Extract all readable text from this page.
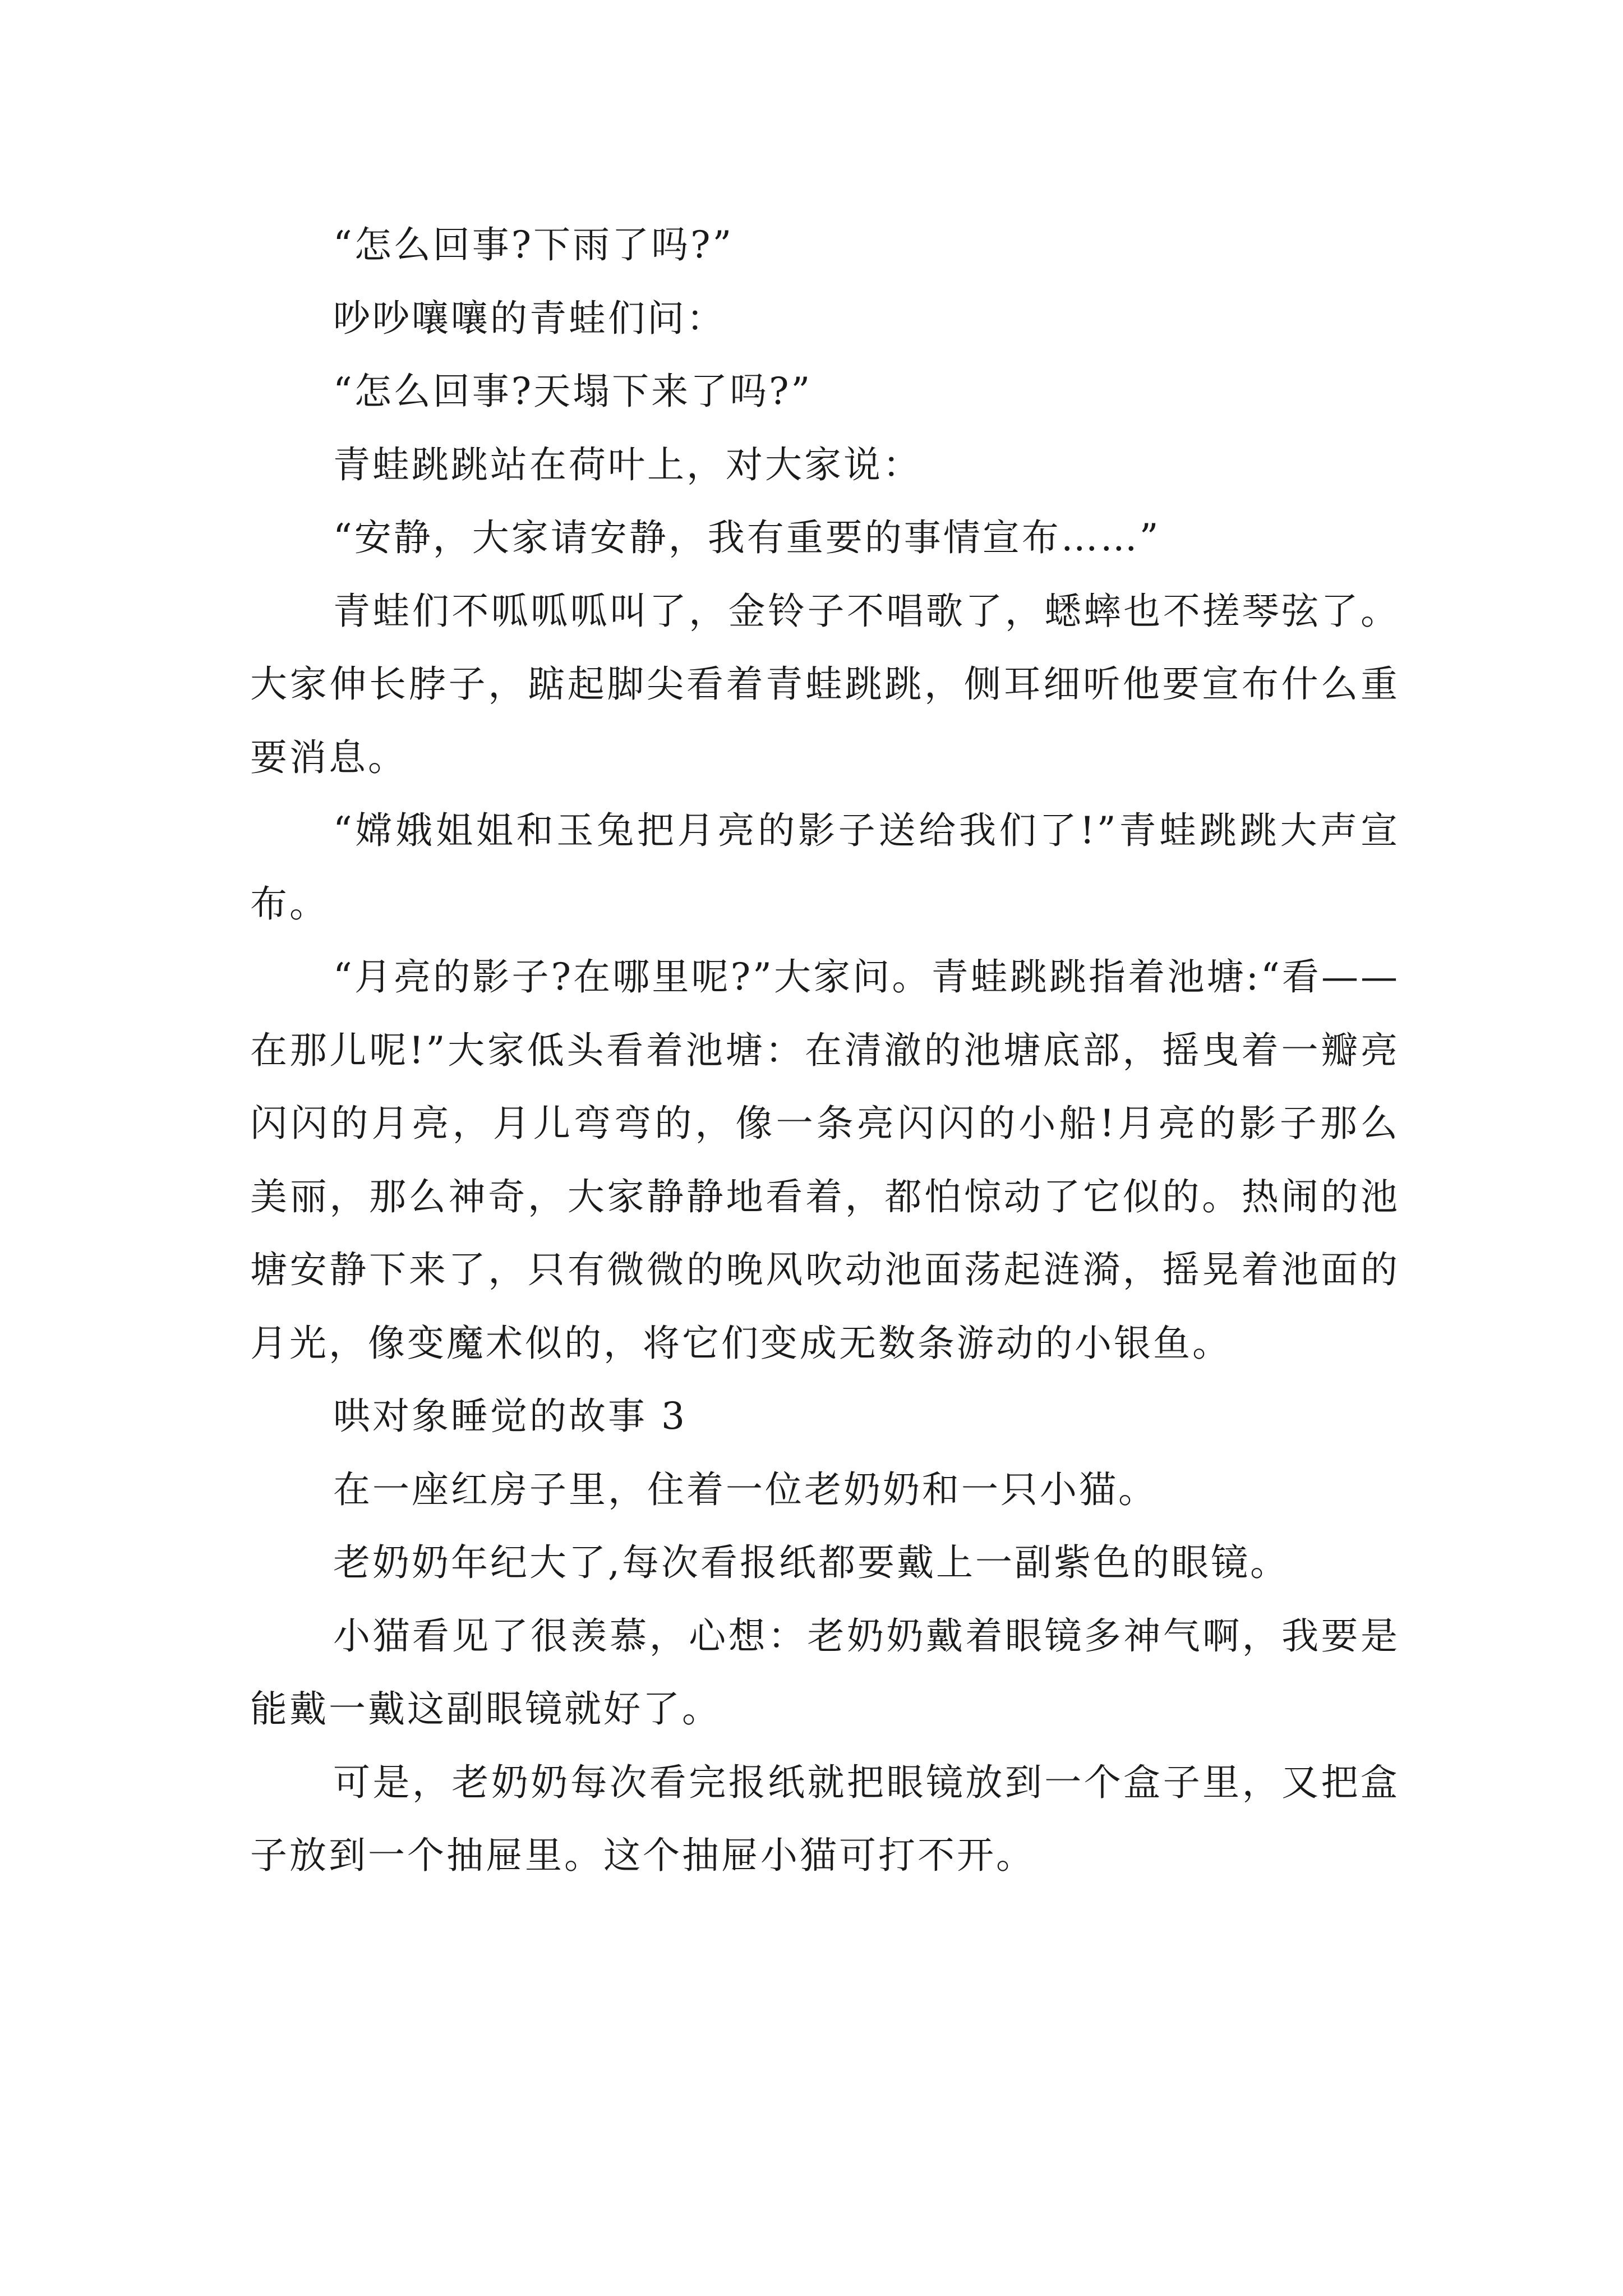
“怎么回事?下雨了吗?”

吵吵嚷嚷的青蛙们问：

“怎么回事?天塌下来了吗?”

青蛙跳跳站在荷叶上，对大家说：

“安静，大家请安静，我有重要的事情宣布……”

青蛙们不呱呱呱叫了，金铃子不唱歌了，蟋蟀也不搓琴弦了。大家伸长脖子，踮起脚尖看着青蛙跳跳，侧耳细听他要宣布什么重要消息。

“嫦娥姐姐和玉兔把月亮的影子送给我们了!”青蛙跳跳大声宣布。

“月亮的影子?在哪里呢?”大家问。青蛙跳跳指着池塘:“看——在那儿呢!”大家低头看着池塘：在清澈的池塘底部，摇曳着一瓣亮闪闪的月亮，月儿弯弯的，像一条亮闪闪的小船!月亮的影子那么美丽，那么神奇，大家静静地看着，都怕惊动了它似的。热闹的池塘安静下来了，只有微微的晚风吹动池面荡起涟漪，摇晃着池面的月光，像变魔术似的，将它们变成无数条游动的小银鱼。

哄对象睡觉的故事 3

在一座红房子里，住着一位老奶奶和一只小猫。

老奶奶年纪大了,每次看报纸都要戴上一副紫色的眼镜。

小猫看见了很羡慕，心想：老奶奶戴着眼镜多神气啊，我要是能戴一戴这副眼镜就好了。

可是，老奶奶每次看完报纸就把眼镜放到一个盒子里，又把盒子放到一个抽屉里。这个抽屉小猫可打不开。
